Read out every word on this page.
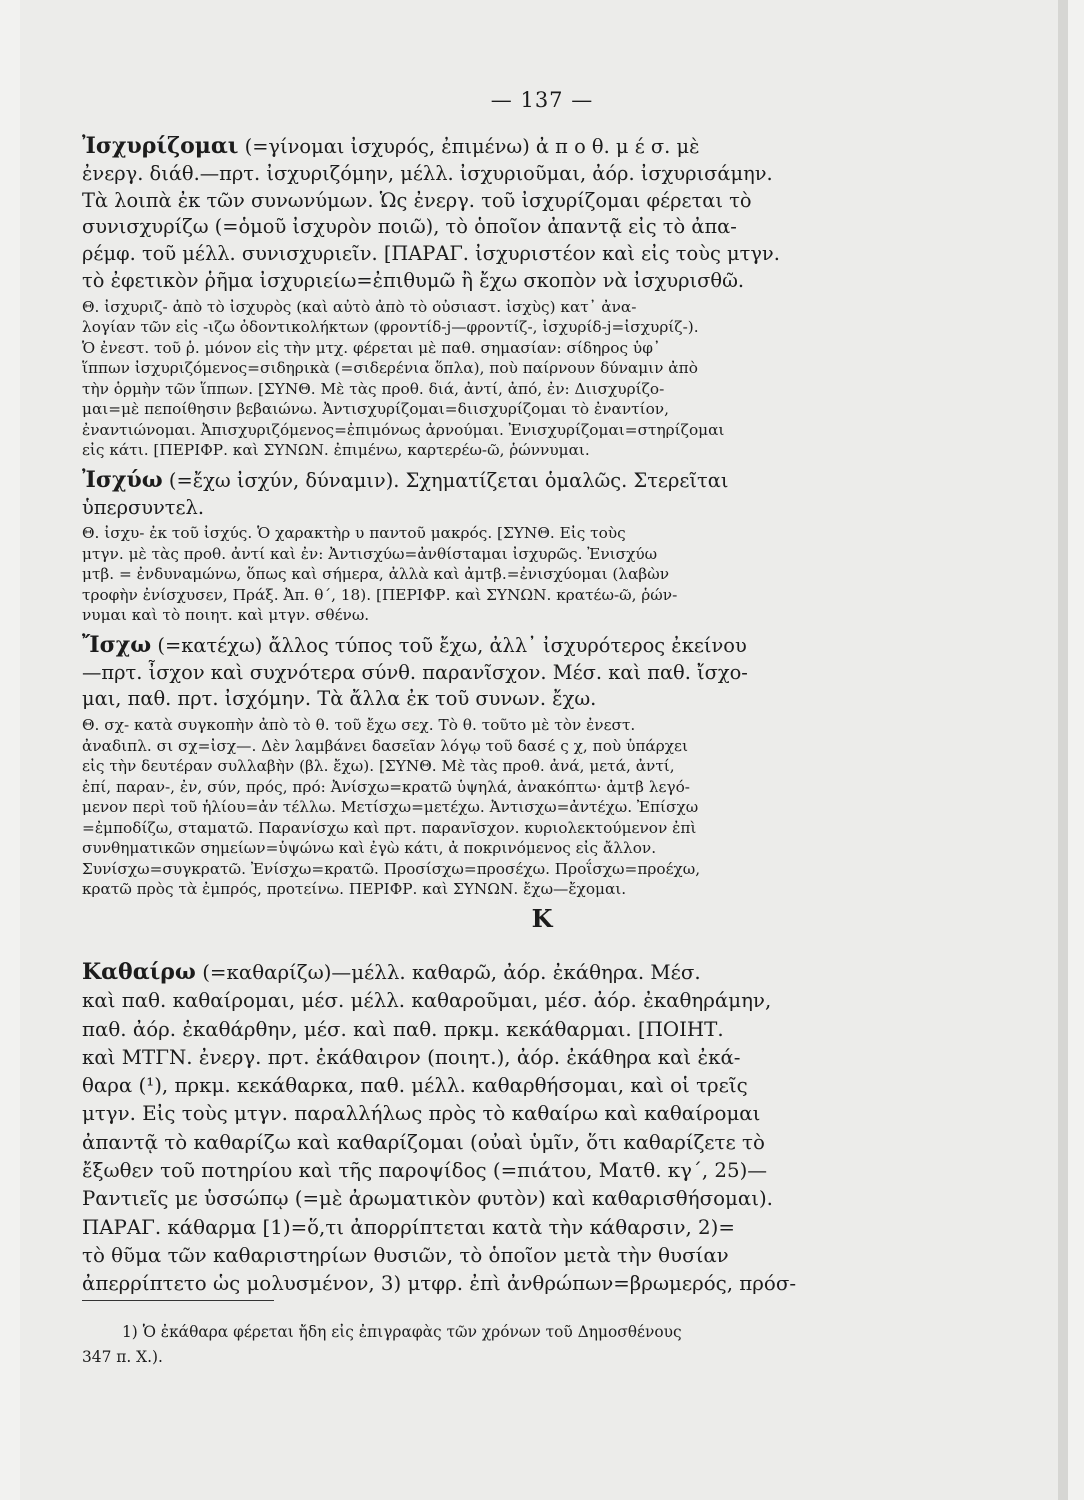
— 137 —
Ἰσχυρίζομαι (=γίνομαι ἰσχυρός, ἐπιμένω) ἀ π ο θ. μ έ σ. μὲ
ἐνεργ. διάθ.—πρτ. ἰσχυριζόμην, μέλλ. ἰσχυριοῦμαι, ἀόρ. ἰσχυρισάμην.
Τὰ λοιπὰ ἐκ τῶν συνωνύμων. Ὡς ἐνεργ. τοῦ ἰσχυρίζομαι φέρεται τὸ
συνισχυρίζω (=ὁμοῦ ἰσχυρὸν ποιῶ), τὸ ὁποῖον ἀπαντᾷ εἰς τὸ ἀπα-
ρέμφ. τοῦ μέλλ. συνισχυριεῖν. [ΠΑΡΑΓ. ἰσχυριστέον καὶ εἰς τοὺς μτγν.
τὸ ἐφετικὸν ῥῆμα ἰσχυριείω=ἐπιθυμῶ ἢ ἔχω σκοπὸν νὰ ἰσχυρισθῶ.
Θ. ἰσχυριζ- ἀπὸ τὸ ἰσχυρὸς (καὶ αὐτὸ ἀπὸ τὸ οὐσιαστ. ἰσχὺς) κατ᾽ ἀνα-
λογίαν τῶν εἰς -ιζω ὀδοντικολήκτων (φροντίδ-j—φροντίζ-, ἰσχυρίδ-j=ἰσχυρίζ-).
Ὁ ἐνεστ. τοῦ ῥ. μόνον εἰς τὴν μτχ. φέρεται μὲ παθ. σημασίαν: σίδηρος ὑφ᾽
ἵππων ἰσχυριζόμενος=σιδηρικὰ (=σιδερένια ὅπλα), ποὺ παίρνουν δύναμιν ἀπὸ
τὴν ὁρμὴν τῶν ἵππων. [ΣΥΝΘ. Μὲ τὰς προθ. διά, ἀντί, ἀπό, ἐν: Διισχυρίζο-
μαι=μὲ πεποίθησιν βεβαιώνω. Ἀντισχυρίζομαι=διισχυρίζομαι τὸ ἐναντίον,
ἐναντιώνομαι. Ἀπισχυριζόμενος=ἐπιμόνως ἀρνούμαι. Ἐνισχυρίζομαι=στηρίζομαι
εἰς κάτι. [ΠΕΡΙΦΡ. καὶ ΣΥΝΩΝ. ἐπιμένω, καρτερέω-ῶ, ῥώννυμαι.
Ἰσχύω (=ἔχω ἰσχύν, δύναμιν). Σχηματίζεται ὁμαλῶς. Στερεῖται
ὑπερσυντελ.
Θ. ἰσχυ- ἐκ τοῦ ἰσχύς. Ὁ χαρακτὴρ υ παντοῦ μακρός. [ΣΥΝΘ. Εἰς τοὺς
μτγν. μὲ τὰς προθ. ἀντί καὶ ἐν: Ἀντισχύω=ἀνθίσταμαι ἰσχυρῶς. Ἐνισχύω
μτβ. = ἐνδυναμώνω, ὅπως καὶ σήμερα, ἀλλὰ καὶ ἀμτβ.=ἐνισχύομαι (λαβὼν
τροφὴν ἐνίσχυσεν, Πράξ. Ἀπ. θ΄, 18). [ΠΕΡΙΦΡ. καὶ ΣΥΝΩΝ. κρατέω-ῶ, ῥών-
νυμαι καὶ τὸ ποιητ. καὶ μτγν. σθένω.
Ἴσχω (=κατέχω) ἄλλος τύπος τοῦ ἔχω, ἀλλ᾽ ἰσχυρότερος ἐκείνου
—πρτ. ἶσχον καὶ συχνότερα σύνθ. παρανῖσχον. Μέσ. καὶ παθ. ἴσχο-
μαι, παθ. πρτ. ἰσχόμην. Τὰ ἄλλα ἐκ τοῦ συνων. ἔχω.
Θ. σχ- κατὰ συγκοπὴν ἀπὸ τὸ θ. τοῦ ἔχω σεχ. Τὸ θ. τοῦτο μὲ τὸν ἐνεστ.
ἀναδιπλ. σι σχ=ἰσχ—. Δὲν λαμβάνει δασεῖαν λόγῳ τοῦ δασέ ς χ, ποὺ ὑπάρχει
εἰς τὴν δευτέραν συλλαβὴν (βλ. ἔχω). [ΣΥΝΘ. Μὲ τὰς προθ. ἀνά, μετά, ἀντί,
ἐπί, παραν-, ἐν, σύν, πρός, πρό: Ἀνίσχω=κρατῶ ὑψηλά, ἀνακόπτω· ἀμτβ λεγό-
μενον περὶ τοῦ ἡλίου=ἀν τέλλω. Μετίσχω=μετέχω. Ἀντισχω=ἀντέχω. Ἐπίσχω
=ἐμποδίζω, σταματῶ. Παρανίσχω καὶ πρτ. παρανῖσχον. κυριολεκτούμενον ἐπὶ
συνθηματικῶν σημείων=ὑψώνω καὶ ἐγὼ κάτι, ἀ ποκρινόμενος εἰς ἄλλον.
Συνίσχω=συγκρατῶ. Ἐνίσχω=κρατῶ. Προσίσχω=προσέχω. Προΐσχω=προέχω,
κρατῶ πρὸς τὰ ἐμπρός, προτείνω. ΠΕΡΙΦΡ. καὶ ΣΥΝΩΝ. ἔχω—ἔχομαι.
Κ
Καθαίρω (=καθαρίζω)—μέλλ. καθαρῶ, ἀόρ. ἐκάθηρα. Μέσ.
καὶ παθ. καθαίρομαι, μέσ. μέλλ. καθαροῦμαι, μέσ. ἀόρ. ἐκαθηράμην,
παθ. ἀόρ. ἐκαθάρθην, μέσ. καὶ παθ. πρκμ. κεκάθαρμαι. [ΠΟΙΗΤ.
καὶ ΜΤΓΝ. ἐνεργ. πρτ. ἐκάθαιρον (ποιητ.), ἀόρ. ἐκάθηρα καὶ ἐκά-
θαρα (¹), πρκμ. κεκάθαρκα, παθ. μέλλ. καθαρθήσομαι, καὶ οἱ τρεῖς
μτγν. Εἰς τοὺς μτγν. παραλλήλως πρὸς τὸ καθαίρω καὶ καθαίρομαι
ἀπαντᾷ τὸ καθαρίζω καὶ καθαρίζομαι (οὐαὶ ὑμῖν, ὅτι καθαρίζετε τὸ
ἔξωθεν τοῦ ποτηρίου καὶ τῆς παροψίδος (=πιάτου, Ματθ. κγ΄, 25)—
Ραντιεῖς με ὑσσώπῳ (=μὲ ἀρωματικὸν φυτὸν) καὶ καθαρισθήσομαι).
ΠΑΡΑΓ. κάθαρμα [1)=ὅ,τι ἀπορρίπτεται κατὰ τὴν κάθαρσιν, 2)=
τὸ θῦμα τῶν καθαριστηρίων θυσιῶν, τὸ ὁποῖον μετὰ τὴν θυσίαν
ἀπερρίπτετο ὡς μολυσμένον, 3) μτφρ. ἐπὶ ἀνθρώπων=βρωμερός, πρόσ-
1) Ὁ ἐκάθαρα φέρεται ἤδη εἰς ἐπιγραφὰς τῶν χρόνων τοῦ Δημοσθένους
347 π. Χ.).
